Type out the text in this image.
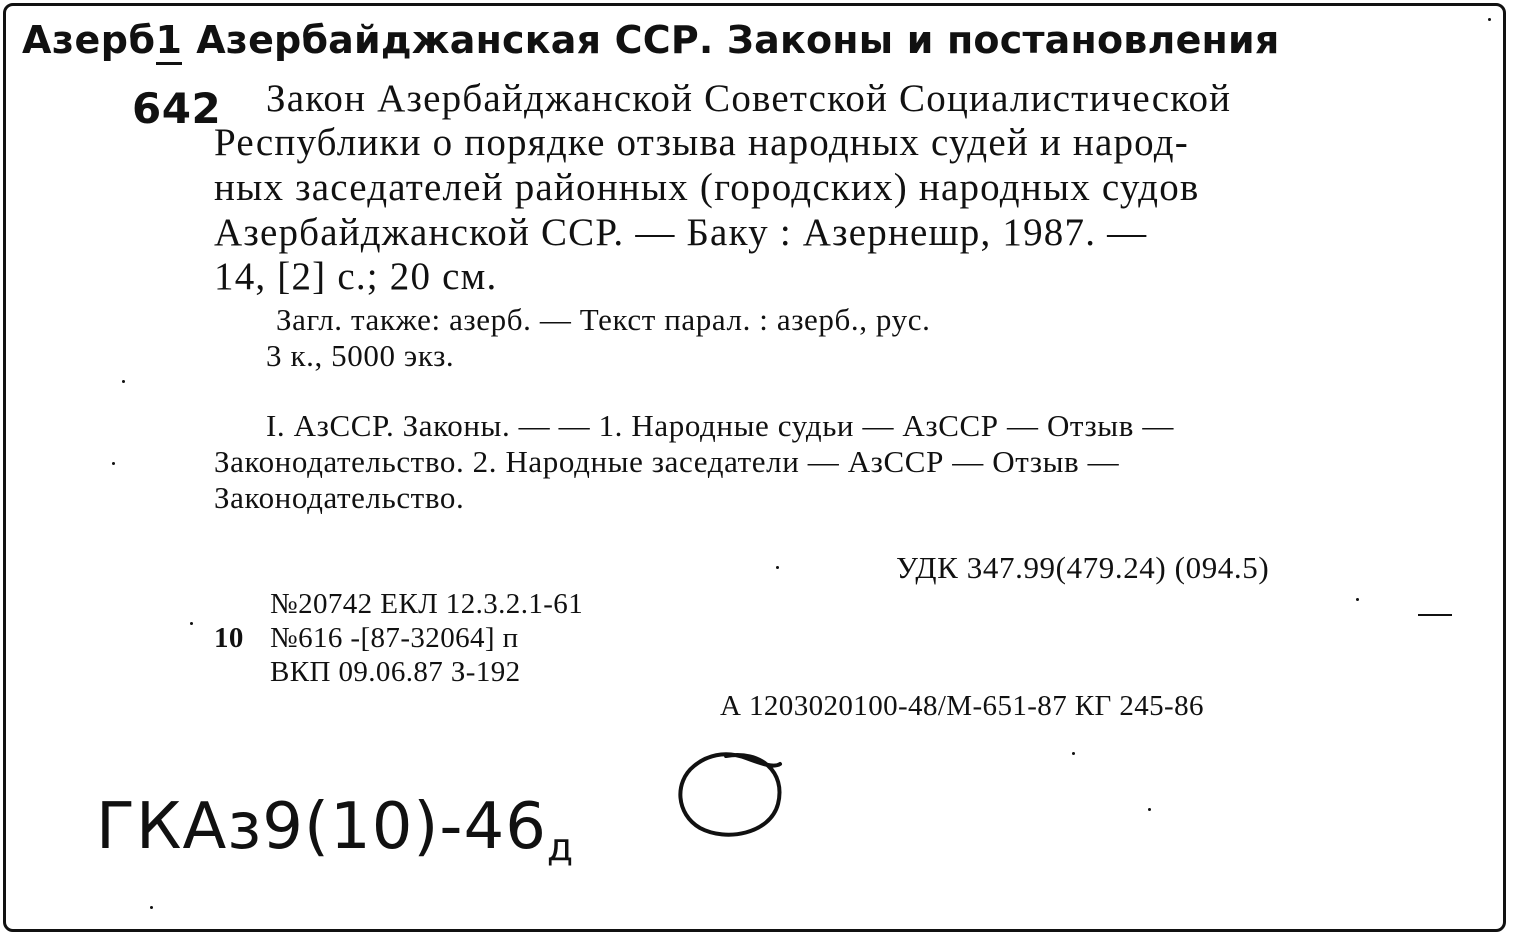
Азерб1 Азербайджанская ССР. Законы и постановления
642 Закон Азербайджанской Советской Социалистической
Республики о порядке отзыва народных судей и народ-
ных заседателей районных (городских) народных судов
Азербайджанской ССР. — Баку : Азернешр, 1987. —
14, [2] с.; 20 см.
Загл. также: азерб. — Текст парал. : азерб., рус.
3 к., 5000 экз.
I. АзССР. Законы. — — 1. Народные судьи — АзССР — Отзыв —
Законодательство. 2. Народные заседатели — АзССР — Отзыв —
Законодательство.
УДК 347.99(479.24) (094.5)
№20742 ЕКЛ 12.3.2.1-61
10 №616 -[87-32064] п
ВКП 09.06.87 З-192
А 1203020100-48/М-651-87 КГ 245-86
ГКАз9(10)-46д
